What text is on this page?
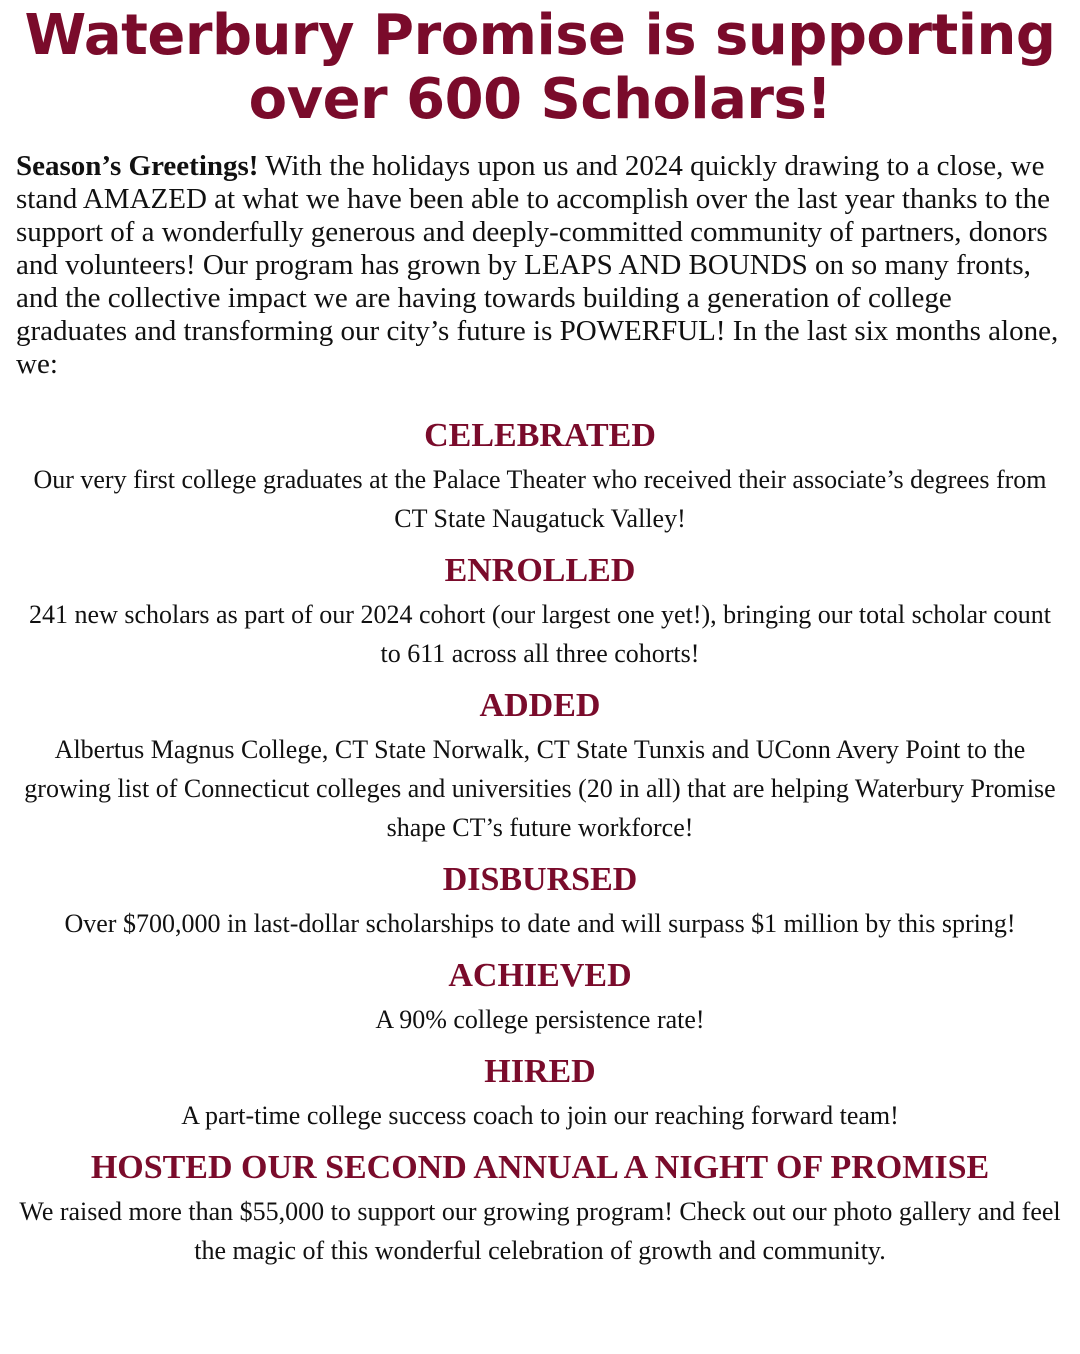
Waterbury Promise is supporting over 600 Scholars!

Season’s Greetings! With the holidays upon us and 2024 quickly drawing to a close, we stand AMAZED at what we have been able to accomplish over the last year thanks to the support of a wonderfully generous and deeply-committed community of partners, donors and volunteers! Our program has grown by LEAPS AND BOUNDS on so many fronts, and the collective impact we are having towards building a generation of college graduates and transforming our city’s future is POWERFUL! In the last six months alone, we:

CELEBRATED

Our very first college graduates at the Palace Theater who received their associate’s degrees from CT State Naugatuck Valley!

ENROLLED

241 new scholars as part of our 2024 cohort (our largest one yet!), bringing our total scholar count to 611 across all three cohorts!

ADDED

Albertus Magnus College, CT State Norwalk, CT State Tunxis and UConn Avery Point to the growing list of Connecticut colleges and universities (20 in all) that are helping Waterbury Promise shape CT’s future workforce!

DISBURSED

Over $700,000 in last-dollar scholarships to date and will surpass $1 million by this spring!

ACHIEVED

A 90% college persistence rate!

HIRED

A part-time college success coach to join our reaching forward team!

HOSTED OUR SECOND ANNUAL A NIGHT OF PROMISE

We raised more than $55,000 to support our growing program! Check out our photo gallery and feel the magic of this wonderful celebration of growth and community.
